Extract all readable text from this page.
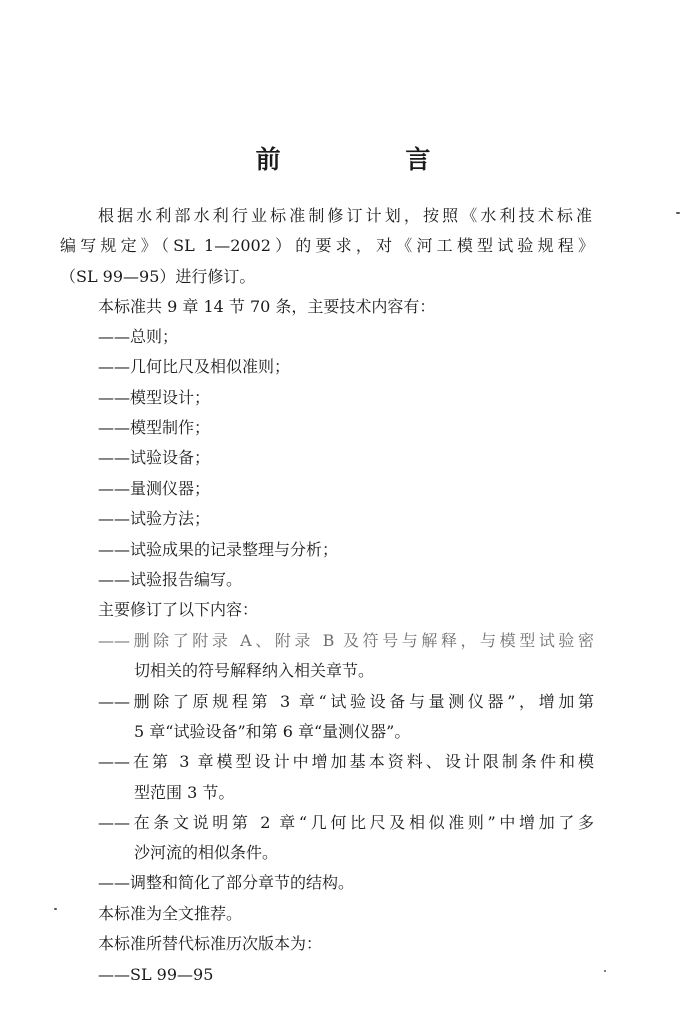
前 言
根据水利部水利行业标准制修订计划，按照《水利技术标准
编写规定》（SL 1—2002）的要求，对《河工模型试验规程》
（SL 99—95）进行修订。
本标准共 9 章 14 节 70 条，主要技术内容有：
——总则；
——几何比尺及相似准则；
——模型设计；
——模型制作；
——试验设备；
——量测仪器；
——试验方法；
——试验成果的记录整理与分析；
——试验报告编写。
主要修订了以下内容：
——删除了附录 A、附录 B 及符号与解释，与模型试验密
切相关的符号解释纳入相关章节。
——删除了原规程第 3 章“试验设备与量测仪器”，增加第
5 章“试验设备”和第 6 章“量测仪器”。
——在第 3 章模型设计中增加基本资料、设计限制条件和模
型范围 3 节。
——在条文说明第 2 章“几何比尺及相似准则”中增加了多
沙河流的相似条件。
——调整和简化了部分章节的结构。
本标准为全文推荐。
本标准所替代标准历次版本为：
——SL 99—95
